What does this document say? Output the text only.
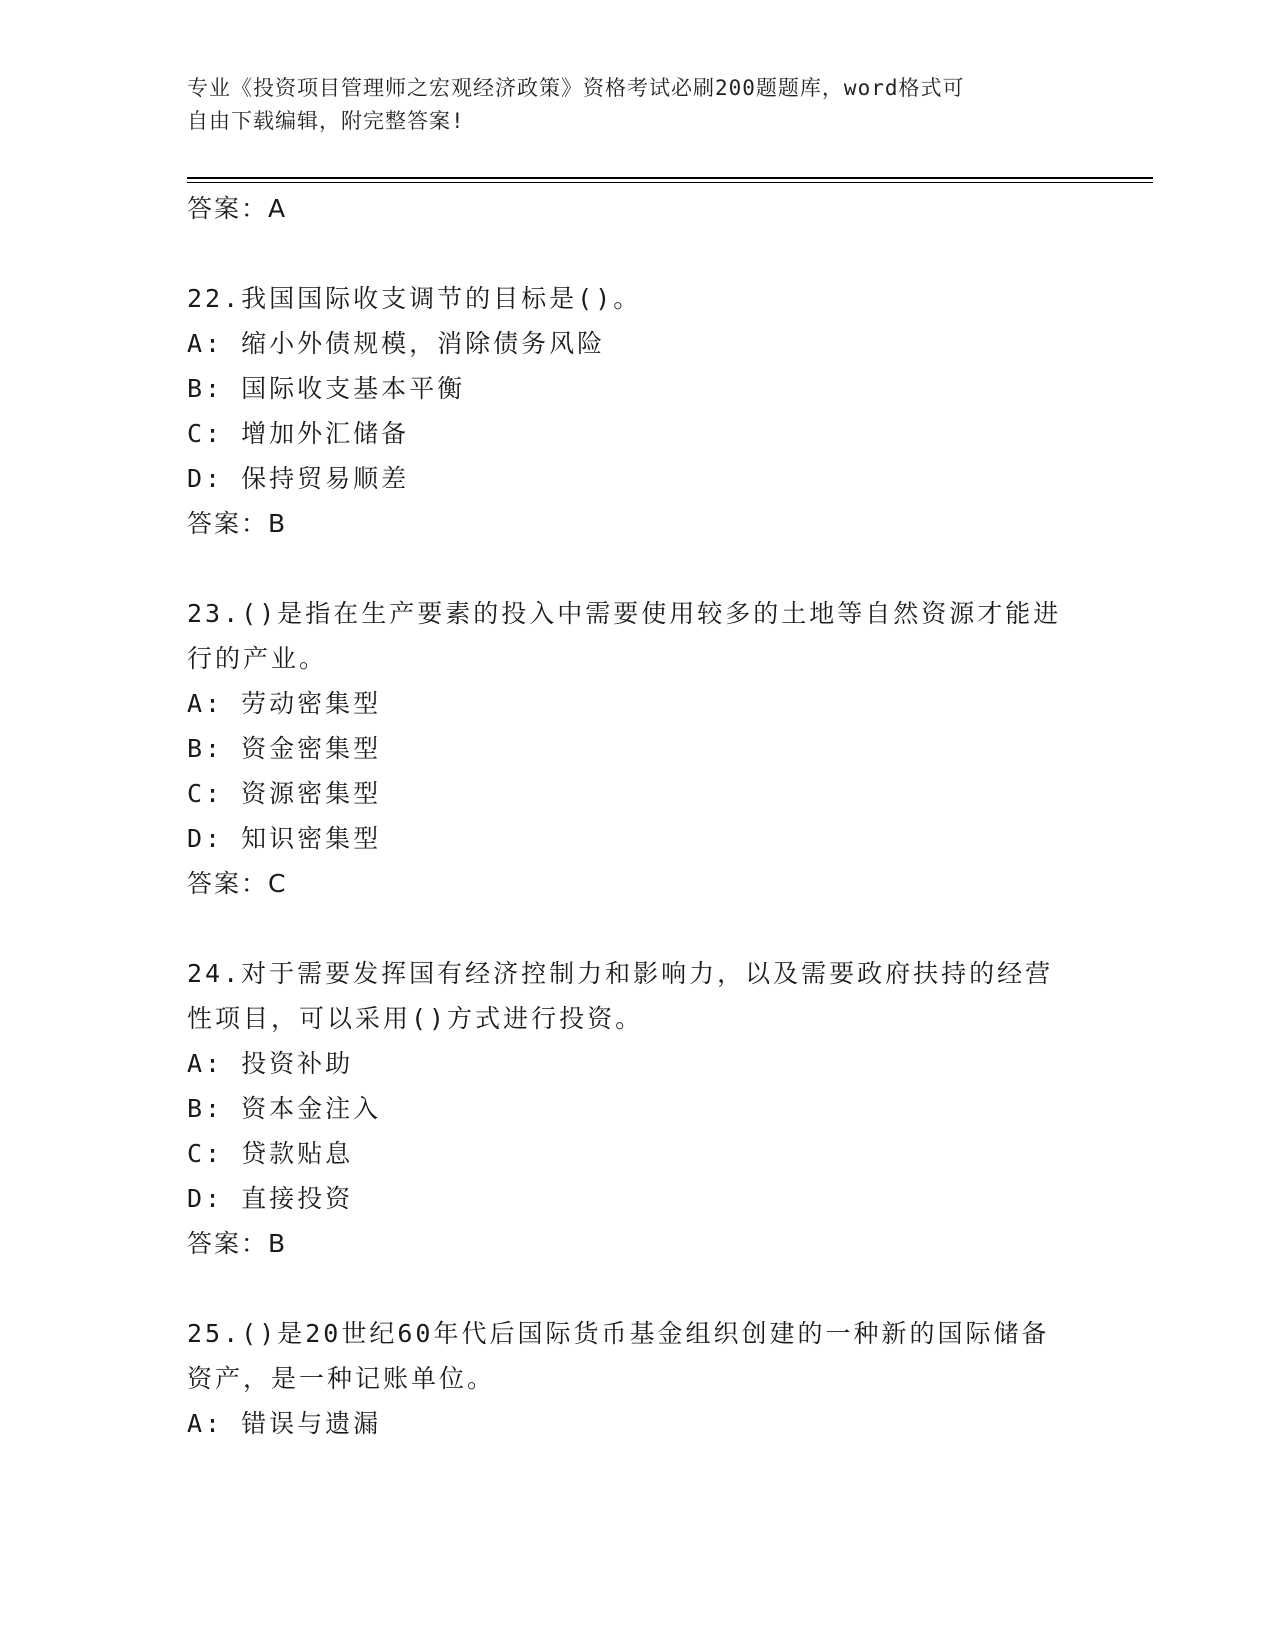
专业《投资项目管理师之宏观经济政策》资格考试必刷200题题库，word格式可
自由下载编辑，附完整答案!
答案：A
22.我国国际收支调节的目标是()。
A: 缩小外债规模，消除债务风险
B: 国际收支基本平衡
C: 增加外汇储备
D: 保持贸易顺差
答案：B
23.()是指在生产要素的投入中需要使用较多的土地等自然资源才能进
行的产业。
A: 劳动密集型
B: 资金密集型
C: 资源密集型
D: 知识密集型
答案：C
24.对于需要发挥国有经济控制力和影响力，以及需要政府扶持的经营
性项目，可以采用()方式进行投资。
A: 投资补助
B: 资本金注入
C: 贷款贴息
D: 直接投资
答案：B
25.()是20世纪60年代后国际货币基金组织创建的一种新的国际储备
资产，是一种记账单位。
A: 错误与遗漏
